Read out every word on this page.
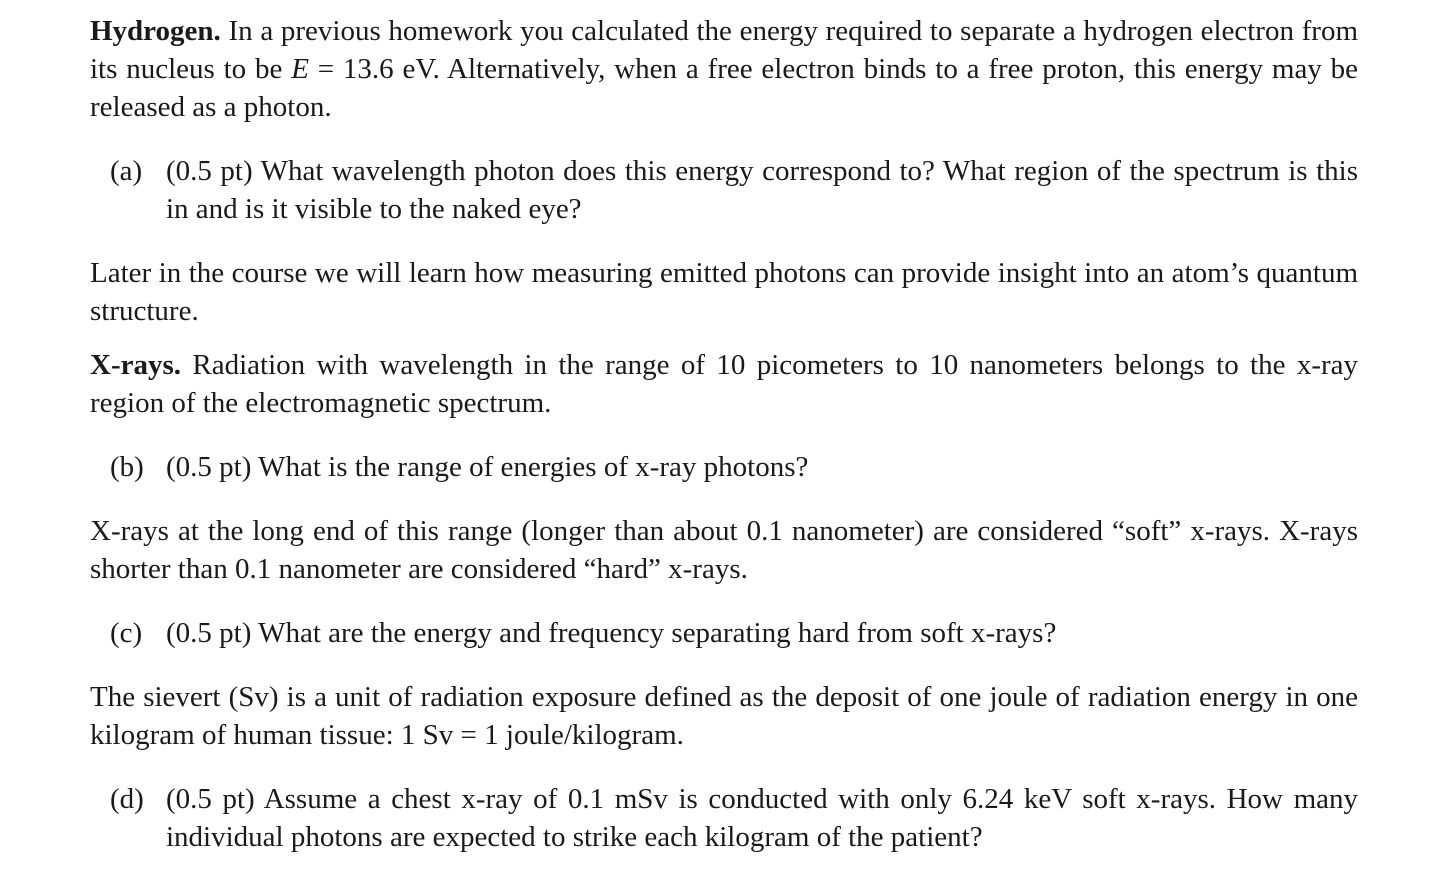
Hydrogen. In a previous homework you calculated the energy required to separate a hydrogen electron from its nucleus to be E = 13.6 eV. Alternatively, when a free electron binds to a free proton, this energy may be released as a photon.
(a) (0.5 pt) What wavelength photon does this energy correspond to? What region of the spectrum is this in and is it visible to the naked eye?
Later in the course we will learn how measuring emitted photons can provide insight into an atom’s quantum structure.
X-rays. Radiation with wavelength in the range of 10 picometers to 10 nanometers belongs to the x-ray region of the electromagnetic spectrum.
(b) (0.5 pt) What is the range of energies of x-ray photons?
X-rays at the long end of this range (longer than about 0.1 nanometer) are considered “soft” x-rays. X-rays shorter than 0.1 nanometer are considered “hard” x-rays.
(c) (0.5 pt) What are the energy and frequency separating hard from soft x-rays?
The sievert (Sv) is a unit of radiation exposure defined as the deposit of one joule of radiation energy in one kilogram of human tissue: 1 Sv = 1 joule/kilogram.
(d) (0.5 pt) Assume a chest x-ray of 0.1 mSv is conducted with only 6.24 keV soft x-rays. How many individual photons are expected to strike each kilogram of the patient?
